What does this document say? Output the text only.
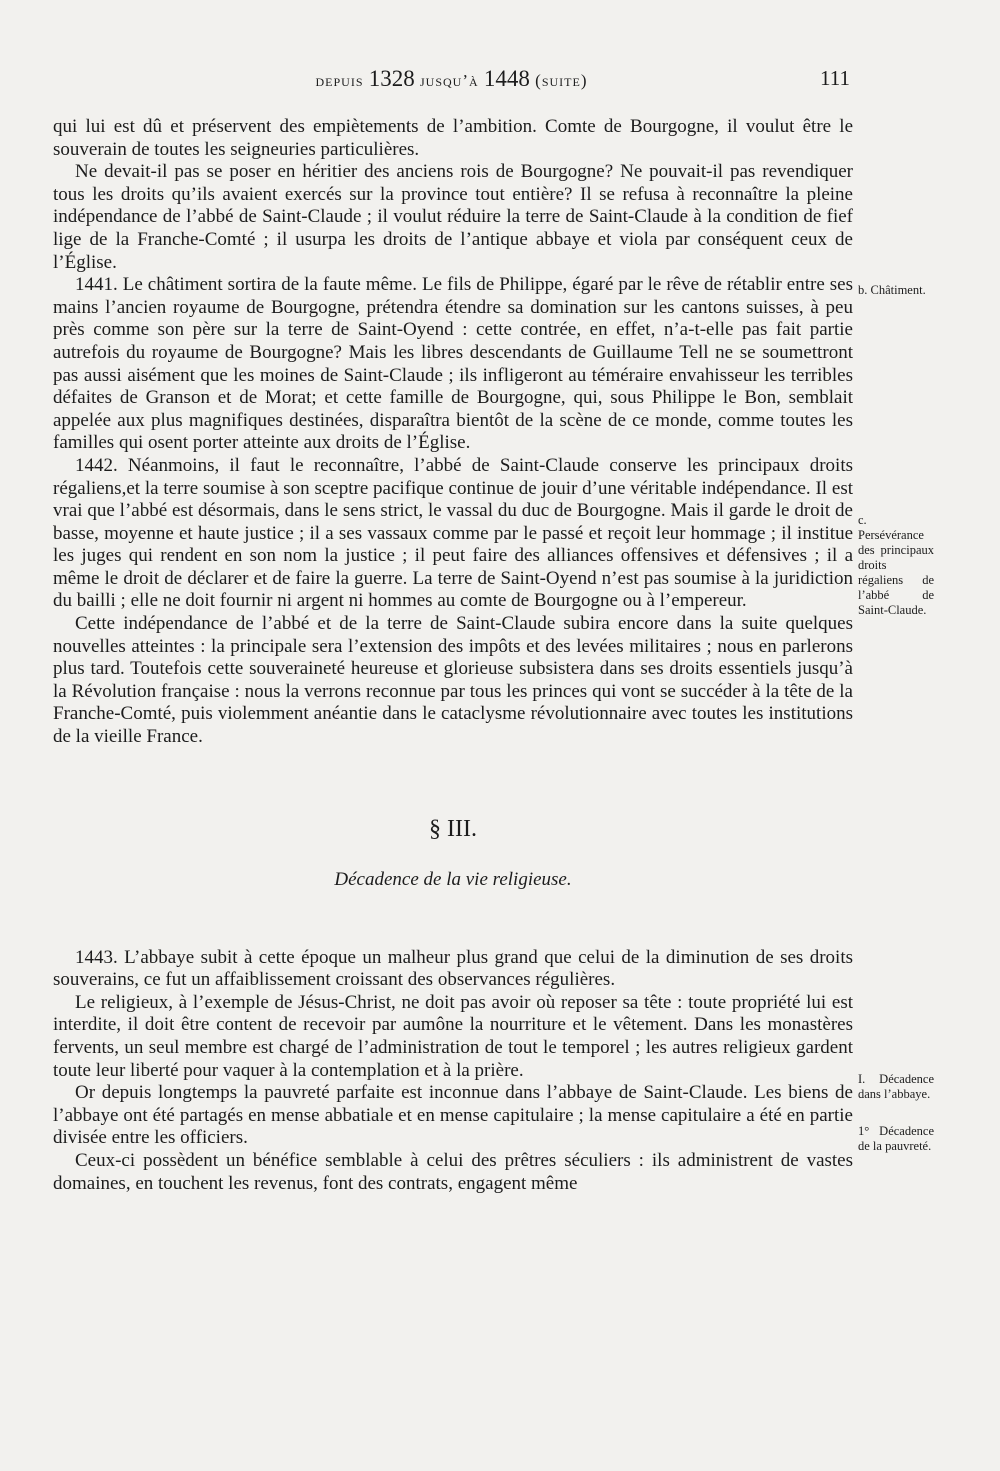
depuis 1328 jusqu’à 1448 (suite)	111

qui lui est dû et préservent des empiètements de l’ambition. Comte de Bourgogne, il voulut être le souverain de toutes les seigneuries particulières.

Ne devait-il pas se poser en héritier des anciens rois de Bourgogne? Ne pouvait-il pas revendiquer tous les droits qu’ils avaient exercés sur la province tout entière? Il se refusa à reconnaître la pleine indépendance de l’abbé de Saint-Claude ; il voulut réduire la terre de Saint-Claude à la condition de fief lige de la Franche-Comté ; il usurpa les droits de l’antique abbaye et viola par conséquent ceux de l’Église.

1441. Le châtiment sortira de la faute même. Le fils de Philippe, égaré par le rêve de rétablir entre ses mains l’ancien royaume de Bourgogne, prétendra étendre sa domination sur les cantons suisses, à peu près comme son père sur la terre de Saint-Oyend : cette contrée, en effet, n’a-t-elle pas fait partie autrefois du royaume de Bourgogne? Mais les libres descendants de Guillaume Tell ne se soumettront pas aussi aisément que les moines de Saint-Claude ; ils infligeront au téméraire envahisseur les terribles défaites de Granson et de Morat; et cette famille de Bourgogne, qui, sous Philippe le Bon, semblait appelée aux plus magnifiques destinées, disparaîtra bientôt de la scène de ce monde, comme toutes les familles qui osent porter atteinte aux droits de l’Église.

1442. Néanmoins, il faut le reconnaître, l’abbé de Saint-Claude conserve les principaux droits régaliens,et la terre soumise à son sceptre pacifique continue de jouir d’une véritable indépendance. Il est vrai que l’abbé est désormais, dans le sens strict, le vassal du duc de Bourgogne. Mais il garde le droit de basse, moyenne et haute justice ; il a ses vassaux comme par le passé et reçoit leur hommage ; il institue les juges qui rendent en son nom la justice ; il peut faire des alliances offensives et défensives ; il a même le droit de déclarer et de faire la guerre. La terre de Saint-Oyend n’est pas soumise à la juridiction du bailli ; elle ne doit fournir ni argent ni hommes au comte de Bourgogne ou à l’empereur.

Cette indépendance de l’abbé et de la terre de Saint-Claude subira encore dans la suite quelques nouvelles atteintes : la principale sera l’extension des impôts et des levées militaires ; nous en parlerons plus tard. Toutefois cette souveraineté heureuse et glorieuse subsistera dans ses droits essentiels jusqu’à la Révolution française : nous la verrons reconnue par tous les princes qui vont se succéder à la tête de la Franche-Comté, puis violemment anéantie dans le cataclysme révolutionnaire avec toutes les institutions de la vieille France.

§ III.
Décadence de la vie religieuse.

1443. L’abbaye subit à cette époque un malheur plus grand que celui de la diminution de ses droits souverains, ce fut un affaiblissement croissant des observances régulières.

Le religieux, à l’exemple de Jésus-Christ, ne doit pas avoir où reposer sa tête : toute propriété lui est interdite, il doit être content de recevoir par aumône la nourriture et le vêtement. Dans les monastères fervents, un seul membre est chargé de l’administration de tout le temporel ; les autres religieux gardent toute leur liberté pour vaquer à la contemplation et à la prière.

Or depuis longtemps la pauvreté parfaite est inconnue dans l’abbaye de Saint-Claude. Les biens de l’abbaye ont été partagés en mense abbatiale et en mense capitulaire ; la mense capitulaire a été en partie divisée entre les officiers.

Ceux-ci possèdent un bénéfice semblable à celui des prêtres séculiers : ils administrent de vastes domaines, en touchent les revenus, font des contrats, engagent même

b. Châtiment.
c. Persévérance des principaux droits régaliens de l’abbé de Saint-Claude.
I. Décadence dans l’abbaye.
1° Décadence de la pauvreté.
